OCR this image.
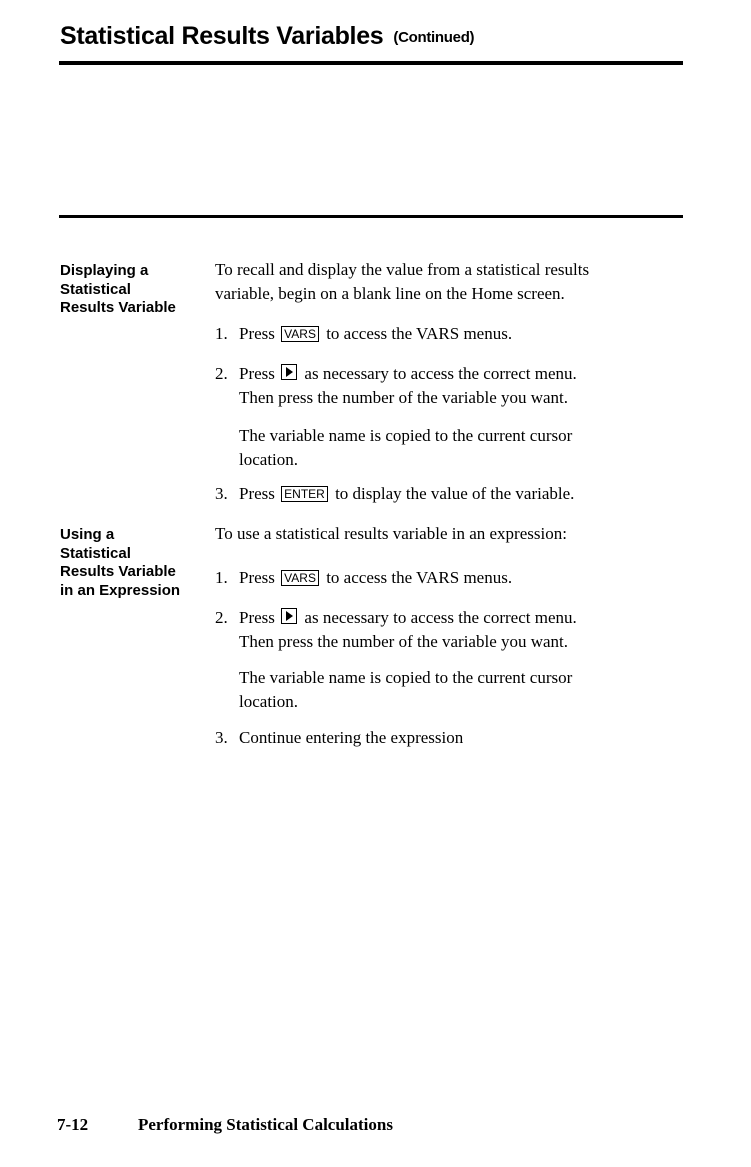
Statistical Results Variables (Continued)
Displaying a
Statistical
Results Variable
To recall and display the value from a statistical results
variable, begin on a blank line on the Home screen.
1. Press VARS to access the VARS menus.
2. Press as necessary to access the correct menu.
Then press the number of the variable you want.
The variable name is copied to the current cursor
location.
3. Press ENTER to display the value of the variable.
Using a
Statistical
Results Variable
in an Expression
To use a statistical results variable in an expression:
1. Press VARS to access the VARS menus.
2. Press as necessary to access the correct menu.
Then press the number of the variable you want.
The variable name is copied to the current cursor
location.
3. Continue entering the expression
7-12	Performing Statistical Calculations
